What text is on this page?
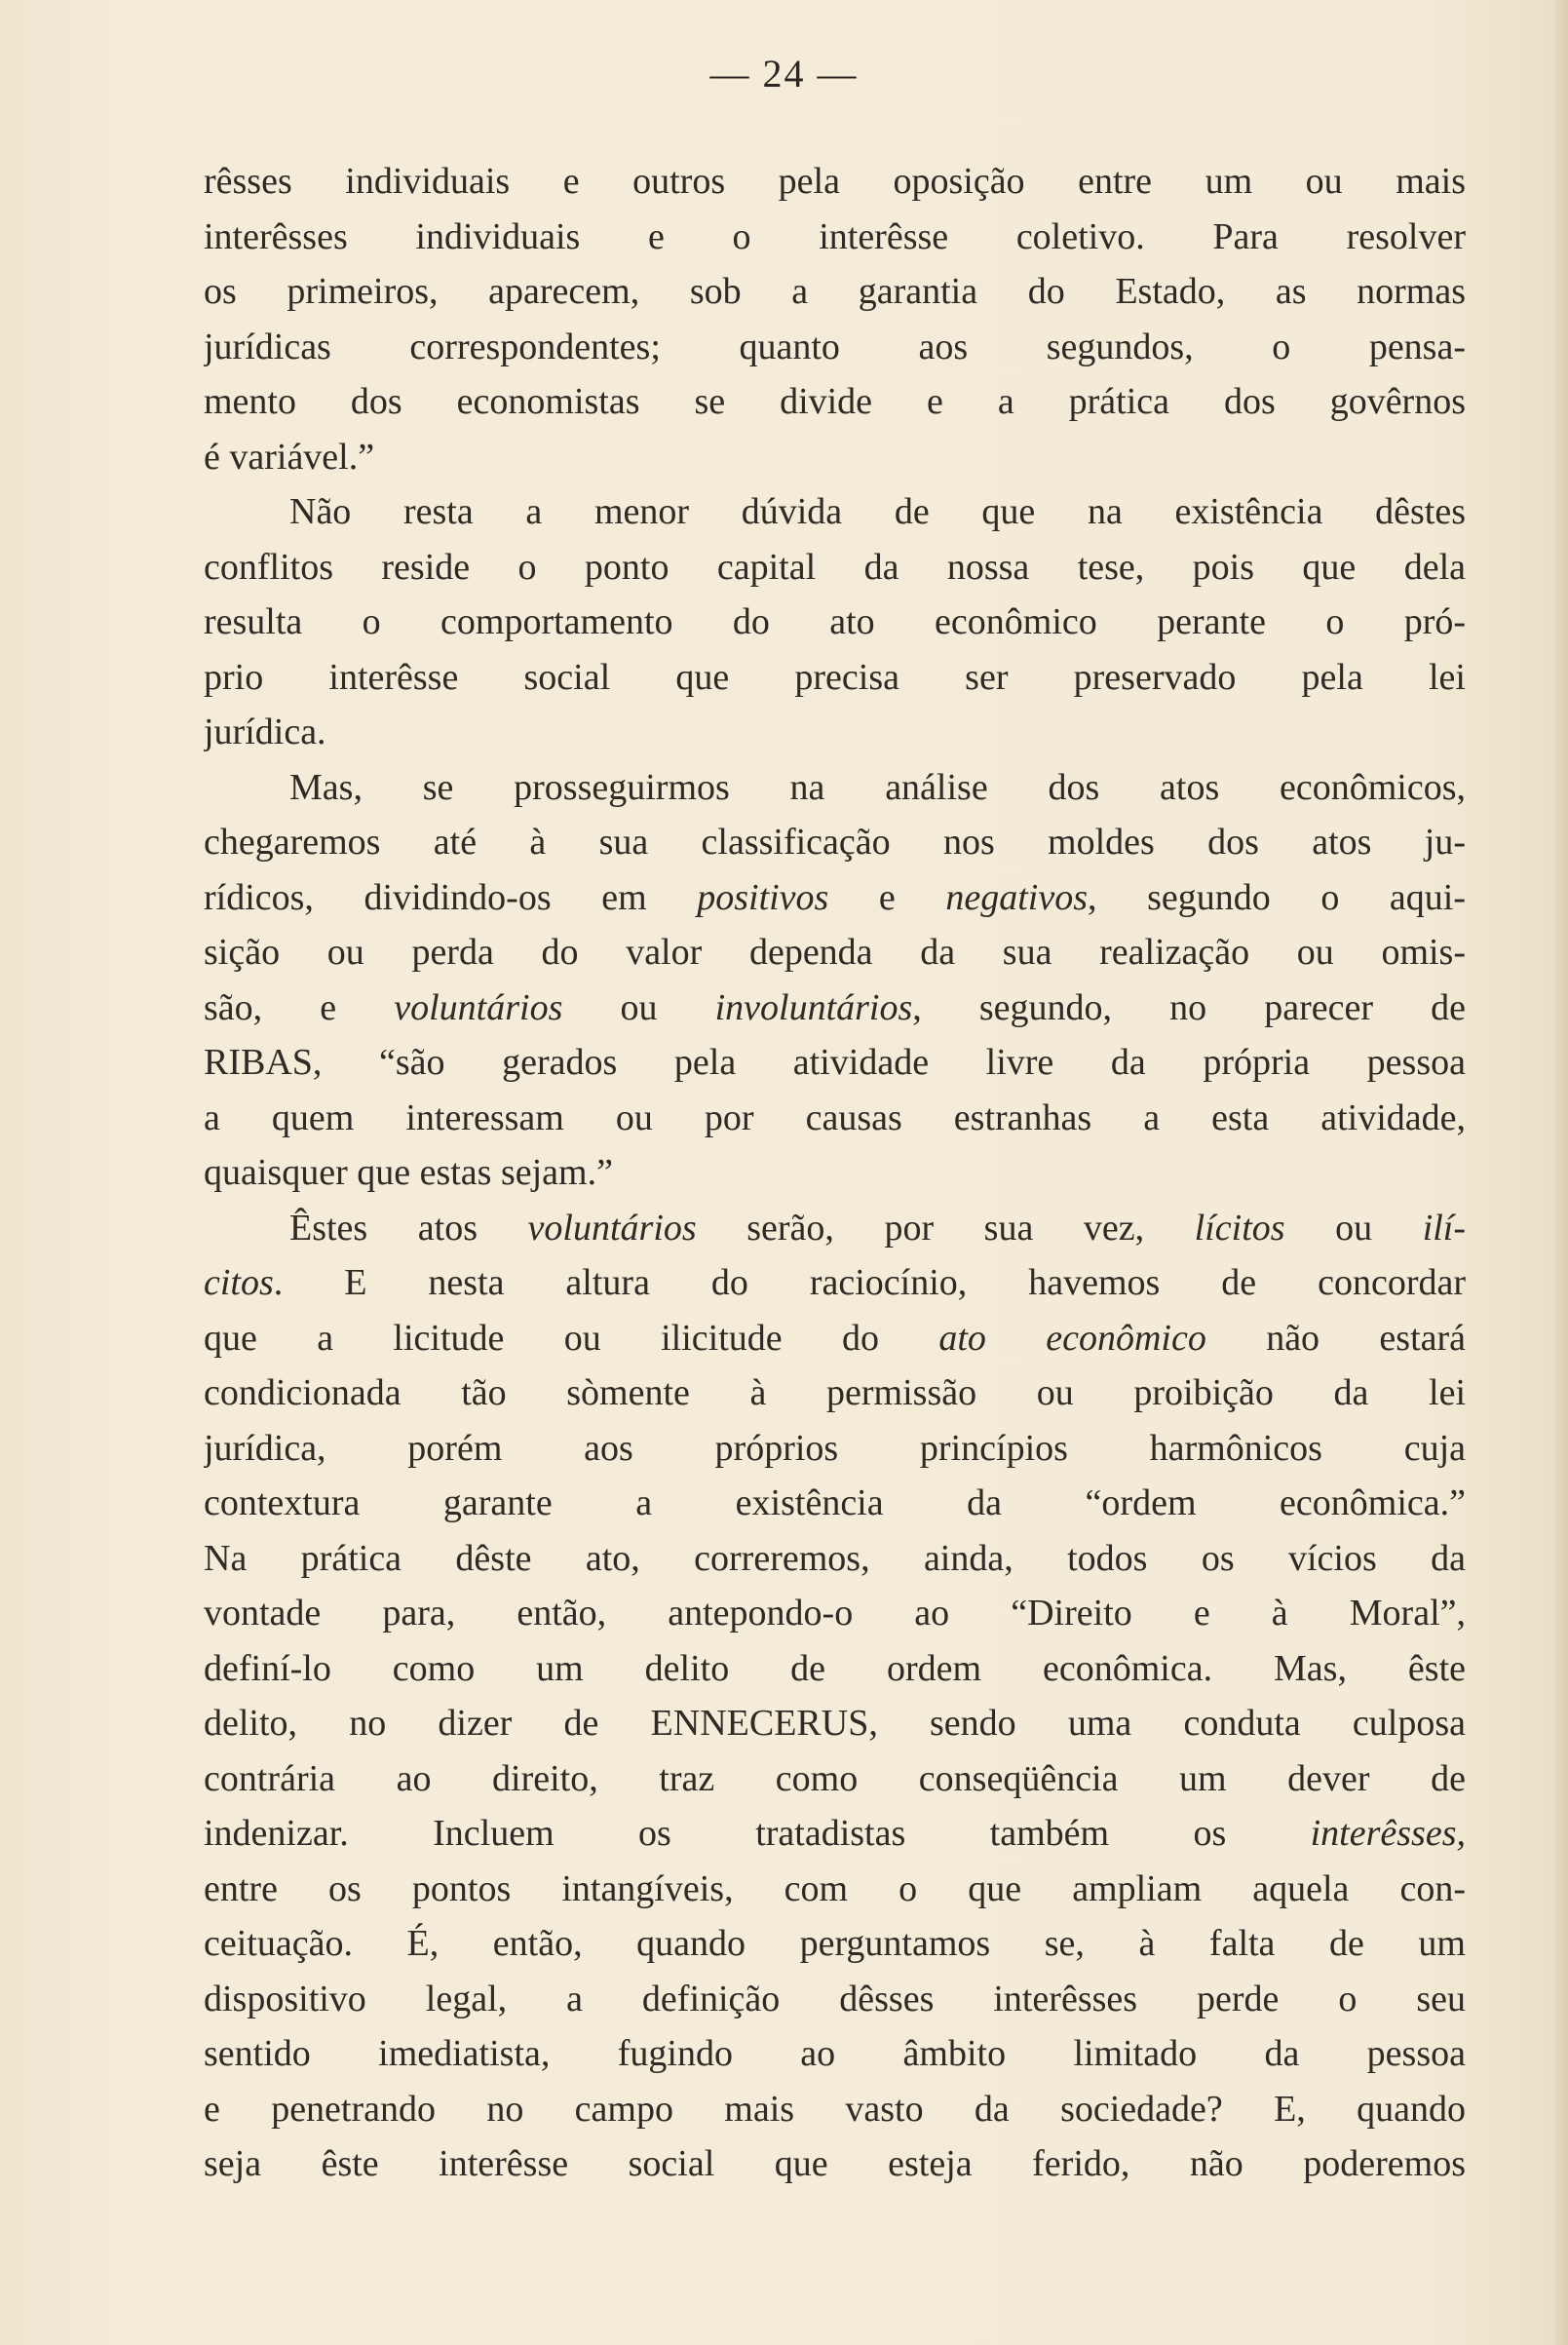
— 24 —
rêsses individuais e outros pela oposição entre um ou mais
interêsses individuais e o interêsse coletivo. Para resolver
os primeiros, aparecem, sob a garantia do Estado, as normas
jurídicas correspondentes; quanto aos segundos, o pensa-
mento dos economistas se divide e a prática dos govêrnos
é variável.”
Não resta a menor dúvida de que na existência dêstes
conflitos reside o ponto capital da nossa tese, pois que dela
resulta o comportamento do ato econômico perante o pró-
prio interêsse social que precisa ser preservado pela lei
jurídica.
Mas, se prosseguirmos na análise dos atos econômicos,
chegaremos até à sua classificação nos moldes dos atos ju-
rídicos, dividindo-os em positivos e negativos, segundo o aqui-
sição ou perda do valor dependa da sua realização ou omis-
são, e voluntários ou involuntários, segundo, no parecer de
RIBAS, “são gerados pela atividade livre da própria pessoa
a quem interessam ou por causas estranhas a esta atividade,
quaisquer que estas sejam.”
Êstes atos voluntários serão, por sua vez, lícitos ou ilí-
citos. E nesta altura do raciocínio, havemos de concordar
que a licitude ou ilicitude do ato econômico não estará
condicionada tão sòmente à permissão ou proibição da lei
jurídica, porém aos próprios princípios harmônicos cuja
contextura garante a existência da “ordem econômica.”
Na prática dêste ato, correremos, ainda, todos os vícios da
vontade para, então, antepondo-o ao “Direito e à Moral”,
definí-lo como um delito de ordem econômica. Mas, êste
delito, no dizer de ENNECERUS, sendo uma conduta culposa
contrária ao direito, traz como conseqüência um dever de
indenizar. Incluem os tratadistas também os interêsses,
entre os pontos intangíveis, com o que ampliam aquela con-
ceituação. É, então, quando perguntamos se, à falta de um
dispositivo legal, a definição dêsses interêsses perde o seu
sentido imediatista, fugindo ao âmbito limitado da pessoa
e penetrando no campo mais vasto da sociedade? E, quando
seja êste interêsse social que esteja ferido, não poderemos
